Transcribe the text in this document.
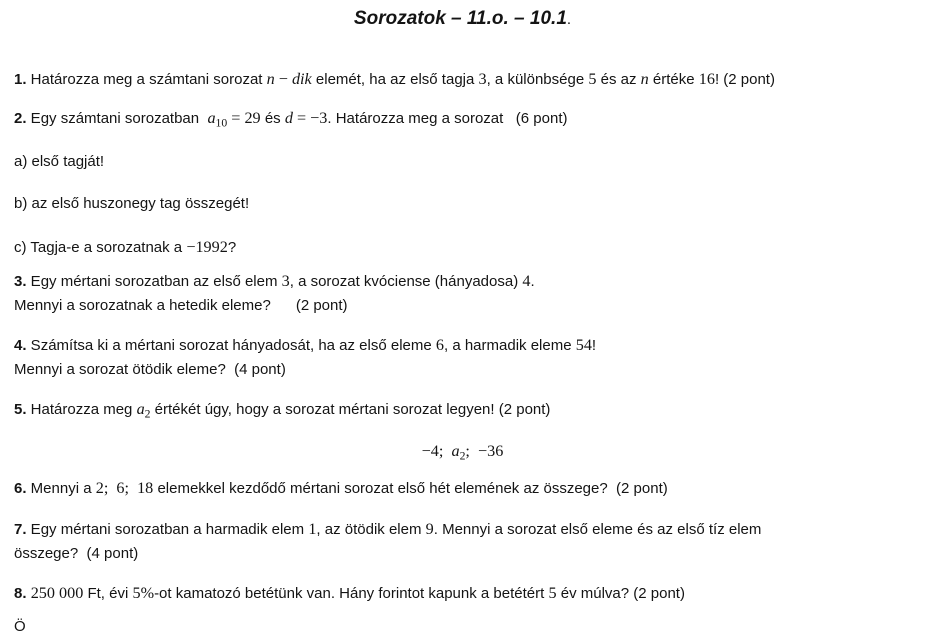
Sorozatok – 11.o. – 10.1.

1. Határozza meg a számtani sorozat n − dik elemét, ha az első tagja 3, a különbsége 5 és az n értéke 16! (2 pont)

2. Egy számtani sorozatban  $a_{10} = 29$ és d = −3. Határozza meg a sorozat   (6 pont)

a) első tagját!

b) az első huszonegy tag összegét!

c) Tagja-e a sorozatnak a −1992?

3. Egy mértani sorozatban az első elem 3, a sorozat kvóciense (hányadosa) 4.

Mennyi a sorozatnak a hetedik eleme?      (2 pont)

4. Számítsa ki a mértani sorozat hányadosát, ha az első eleme 6, a harmadik eleme 54!

Mennyi a sorozat ötödik eleme?  (4 pont)

5. Határozza meg $a_2$ értékét úgy, hogy a sorozat mértani sorozat legyen! (2 pont)

−4;  $a_2$;  −36

6. Mennyi a 2;  6;  18 elemekkel kezdődő mértani sorozat első hét elemének az összege?  (2 pont)

7. Egy mértani sorozatban a harmadik elem 1, az ötödik elem 9. Mennyi a sorozat első eleme és az első tíz elem

összege?  (4 pont)

8. 250 000 Ft, évi 5%-ot kamatozó betétünk van. Hány forintot kapunk a betétért 5 év múlva? (2 pont)

Ö
